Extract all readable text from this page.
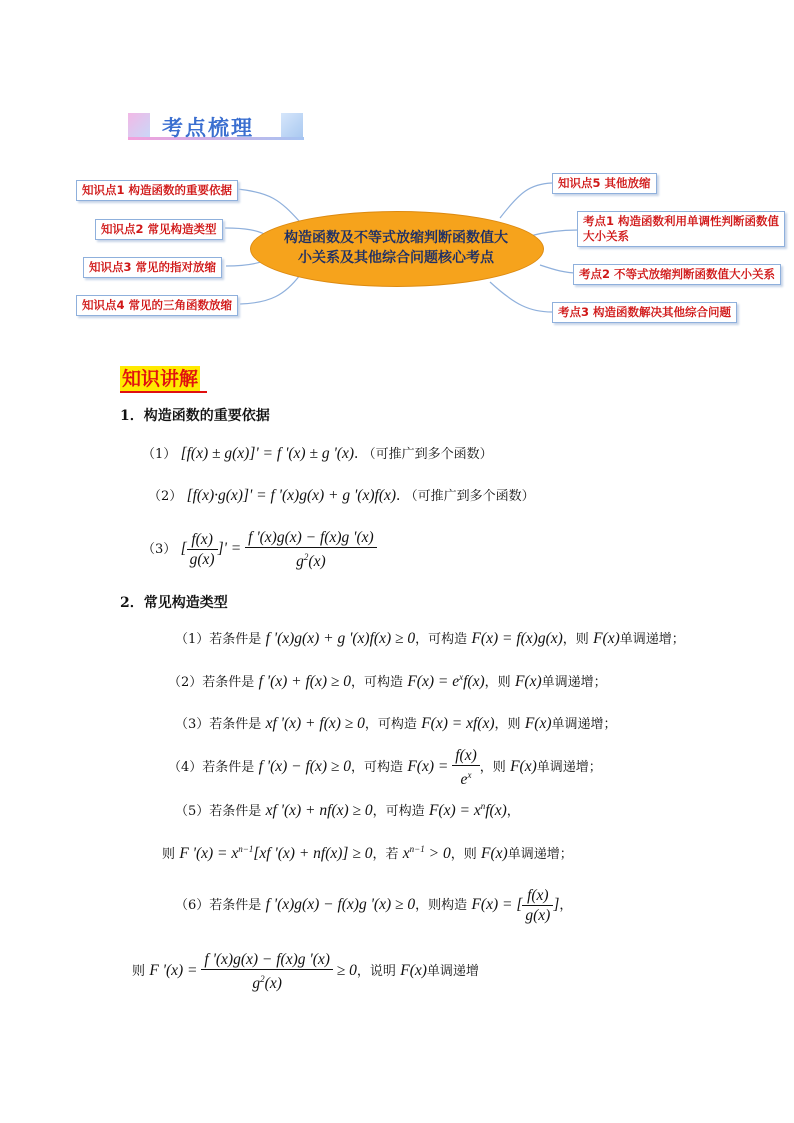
考点梳理
知识点1 构造函数的重要依据
知识点2 常见构造类型
知识点3 常见的指对放缩
知识点4 常见的三角函数放缩
知识点5 其他放缩
考点1 构造函数利用单调性判断函数值
大小关系
考点2 不等式放缩判断函数值大小关系
考点3 构造函数解决其他综合问题
构造函数及不等式放缩判断函数值大
小关系及其他综合问题核心考点
知识讲解
1．构造函数的重要依据
（1） [f(x) ± g(x)]' = f '(x) ± g '(x). （可推广到多个函数）
（2） [f(x)·g(x)]' = f '(x)g(x) + g '(x)f(x). （可推广到多个函数）
（3） [ $\frac{f(x)}{g(x)}$ ]' = $\frac{f '(x)g(x) - f(x)g '(x)}{g^2(x)}$
2．常见构造类型
（1）若条件是 f '(x)g(x) + g '(x)f(x) ≥ 0，可构造 F(x) = f(x)g(x)，则 F(x)单调递增；
（2）若条件是 f '(x) + f(x) ≥ 0，可构造 $F(x) = e^xf(x)$，则 F(x)单调递增；
（3）若条件是 xf '(x) + f(x) ≥ 0，可构造 F(x) = xf(x)，则 F(x)单调递增；
（4）若条件是 f '(x) − f(x) ≥ 0，可构造 $F(x) = \frac{f(x)}{e^x}$ ，则 F(x)单调递增；
（5）若条件是 xf '(x) + nf(x) ≥ 0，可构造 $F(x) = x^nf(x)$，
则 F '$(x) = x^{n-1}[xf$ '(x) + nf(x)] ≥ 0，若 $x^{n-1} > 0$，则 F(x)单调递增；
（6）若条件是 f '(x)g(x) − f(x)g '(x) ≥ 0，则构造 F(x) = [ $\frac{f(x)}{g(x)}$ ]，
则 F '$(x) = \frac{f '(x)g(x) - f(x)g '(x)}{g^2(x)} \ge 0$，说明 F(x)单调递增
